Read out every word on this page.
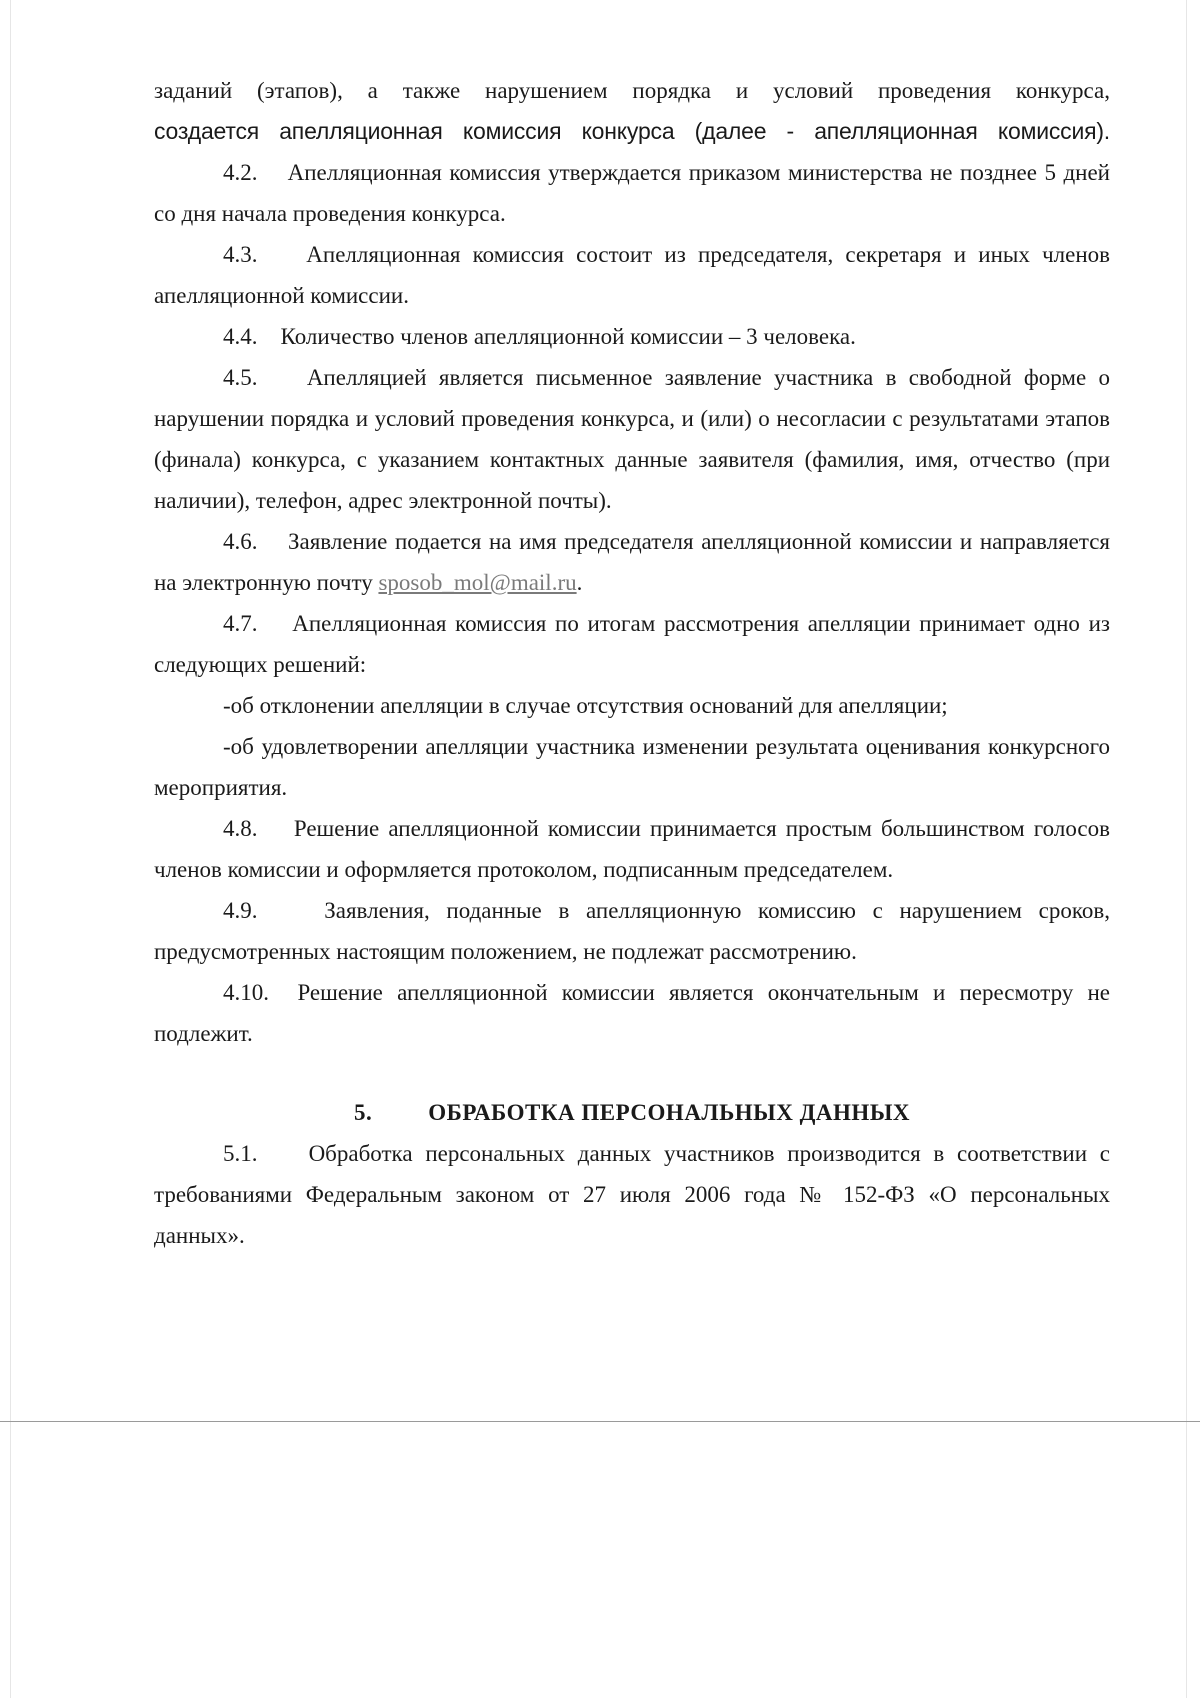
заданий (этапов), а также нарушением порядка и условий проведения конкурса,
создается апелляционная комиссия конкурса (далее - апелляционная комиссия).

4.2. Апелляционная комиссия утверждается приказом министерства не позднее 5 дней со дня начала проведения конкурса.

4.3. Апелляционная комиссия состоит из председателя, секретаря и иных членов апелляционной комиссии.

4.4. Количество членов апелляционной комиссии – 3 человека.

4.5. Апелляцией является письменное заявление участника в свободной форме о нарушении порядка и условий проведения конкурса, и (или) о несогласии с результатами этапов (финала) конкурса, с указанием контактных данные заявителя (фамилия, имя, отчество (при наличии), телефон, адрес электронной почты).

4.6. Заявление подается на имя председателя апелляционной комиссии и направляется на электронную почту sposob_mol@mail.ru.

4.7. Апелляционная комиссия по итогам рассмотрения апелляции принимает одно из следующих решений:

-об отклонении апелляции в случае отсутствия оснований для апелляции;

-об удовлетворении апелляции участника изменении результата оценивания конкурсного мероприятия.

4.8. Решение апелляционной комиссии принимается простым большинством голосов членов комиссии и оформляется протоколом, подписанным председателем.

4.9.	Заявления, поданные в апелляционную комиссию с нарушением сроков, предусмотренных настоящим положением, не подлежат рассмотрению.

4.10. Решение апелляционной комиссии является окончательным и пересмотру не подлежит.

5. ОБРАБОТКА ПЕРСОНАЛЬНЫХ ДАННЫХ

5.1. Обработка персональных данных участников производится в соответствии с требованиями Федеральным законом от 27 июля 2006 года № 152-ФЗ «О персональных данных».
